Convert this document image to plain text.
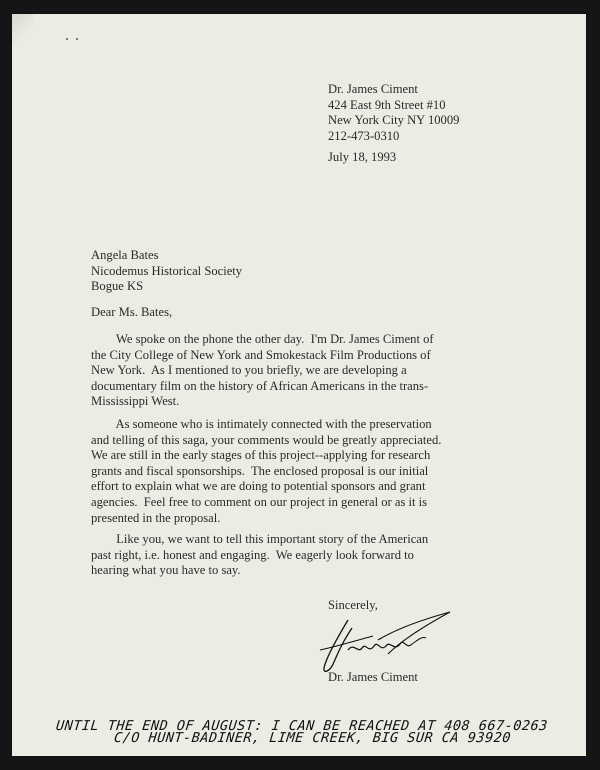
Dr. James Ciment

424 East 9th Street #10

New York City NY 10009

212-473-0310

July 18, 1993

Angela Bates

Nicodemus Historical Society

Bogue KS

Dear Ms. Bates,

We spoke on the phone the other day.  I'm Dr. James Ciment of
the City College of New York and Smokestack Film Productions of
New York.  As I mentioned to you briefly, we are developing a
documentary film on the history of African Americans in the trans-
Mississippi West.
As someone who is intimately connected with the preservation
and telling of this saga, your comments would be greatly appreciated.
We are still in the early stages of this project--applying for research
grants and fiscal sponsorships.  The enclosed proposal is our initial
effort to explain what we are doing to potential sponsors and grant
agencies.  Feel free to comment on our project in general or as it is
presented in the proposal.
Like you, we want to tell this important story of the American
past right, i.e. honest and engaging.  We eagerly look forward to
hearing what you have to say.

Sincerely,

Dr. James Ciment

UNTIL THE END OF AUGUST: I CAN BE REACHED AT 408 667-0263

C/O HUNT-BADINER, LIME CREEK, BIG SUR CA 93920
